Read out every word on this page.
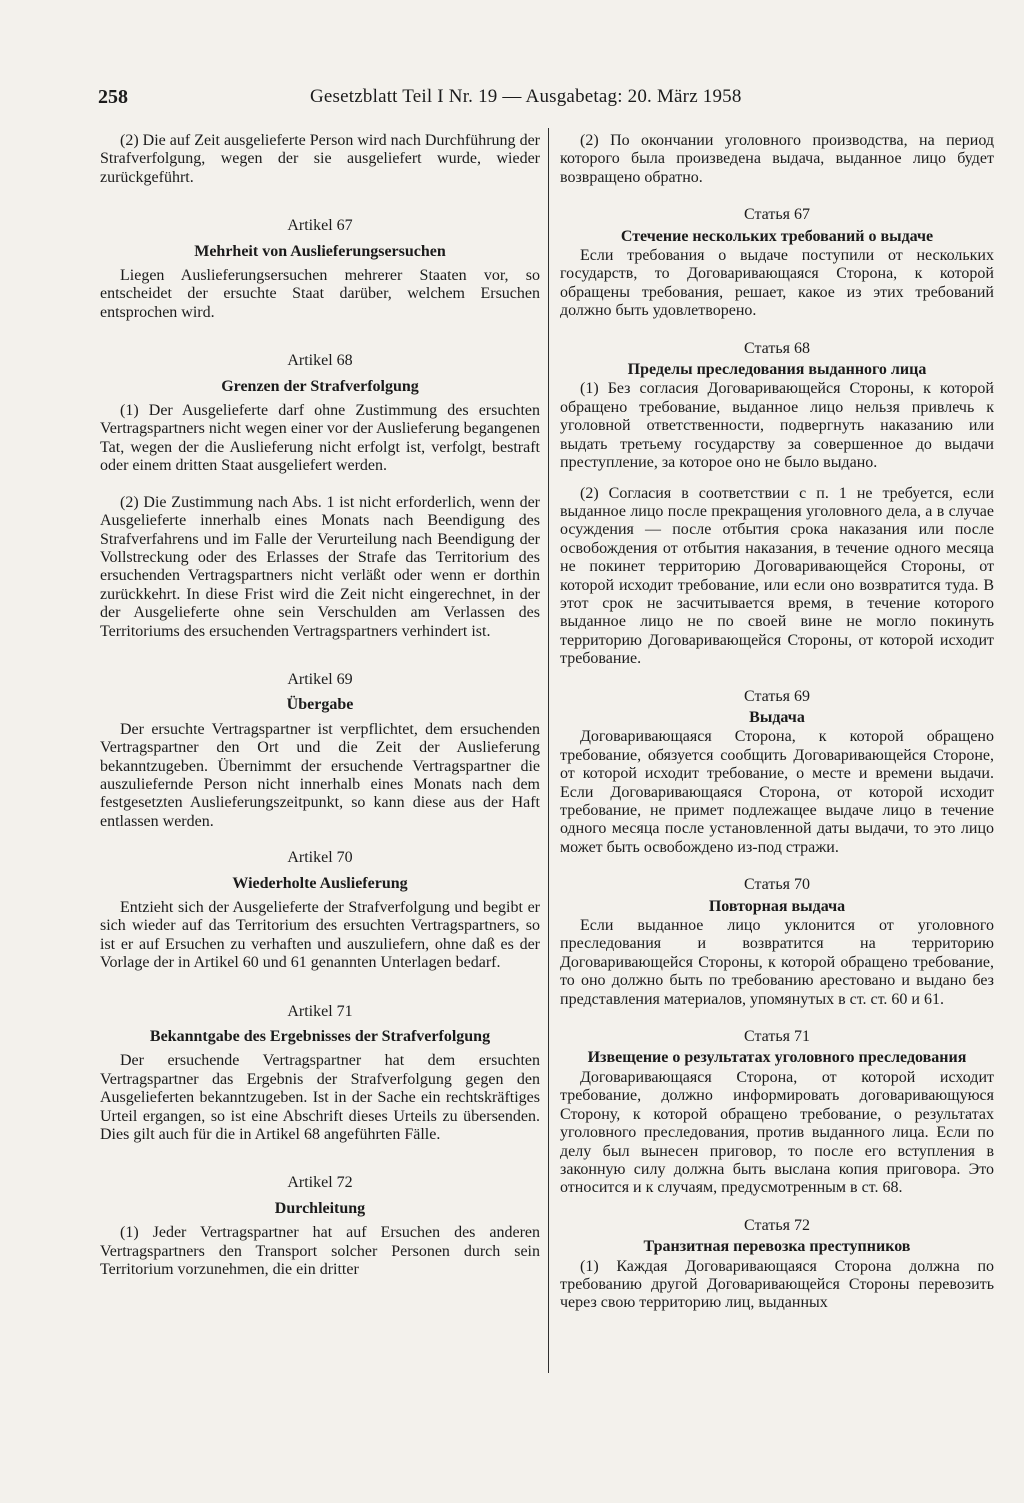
258	Gesetzblatt Teil I Nr. 19 — Ausgabetag: 20. März 1958

(2) Die auf Zeit ausgelieferte Person wird nach Durchführung der Strafverfolgung, wegen der sie ausgeliefert wurde, wieder zurückgeführt.

Artikel 67

Mehrheit von Auslieferungsersuchen

Liegen Auslieferungsersuchen mehrerer Staaten vor, so entscheidet der ersuchte Staat darüber, welchem Ersuchen entsprochen wird.

Artikel 68

Grenzen der Strafverfolgung

(1) Der Ausgelieferte darf ohne Zustimmung des ersuchten Vertragspartners nicht wegen einer vor der Auslieferung begangenen Tat, wegen der die Auslieferung nicht erfolgt ist, verfolgt, bestraft oder einem dritten Staat ausgeliefert werden.

(2) Die Zustimmung nach Abs. 1 ist nicht erforderlich, wenn der Ausgelieferte innerhalb eines Monats nach Beendigung des Strafverfahrens und im Falle der Verurteilung nach Beendigung der Vollstreckung oder des Erlasses der Strafe das Territorium des ersuchenden Vertragspartners nicht verläßt oder wenn er dorthin zurückkehrt. In diese Frist wird die Zeit nicht eingerechnet, in der der Ausgelieferte ohne sein Verschulden am Verlassen des Territoriums des ersuchenden Vertragspartners verhindert ist.

Artikel 69

Übergabe

Der ersuchte Vertragspartner ist verpflichtet, dem ersuchenden Vertragspartner den Ort und die Zeit der Auslieferung bekanntzugeben. Übernimmt der ersuchende Vertragspartner die auszuliefernde Person nicht innerhalb eines Monats nach dem festgesetzten Auslieferungszeitpunkt, so kann diese aus der Haft entlassen werden.

Artikel 70

Wiederholte Auslieferung

Entzieht sich der Ausgelieferte der Strafverfolgung und begibt er sich wieder auf das Territorium des ersuchten Vertragspartners, so ist er auf Ersuchen zu verhaften und auszuliefern, ohne daß es der Vorlage der in Artikel 60 und 61 genannten Unterlagen bedarf.

Artikel 71

Bekanntgabe des Ergebnisses der Strafverfolgung

Der ersuchende Vertragspartner hat dem ersuchten Vertragspartner das Ergebnis der Strafverfolgung gegen den Ausgelieferten bekanntzugeben. Ist in der Sache ein rechtskräftiges Urteil ergangen, so ist eine Abschrift dieses Urteils zu übersenden. Dies gilt auch für die in Artikel 68 angeführten Fälle.

Artikel 72

Durchleitung

(1) Jeder Vertragspartner hat auf Ersuchen des anderen Vertragspartners den Transport solcher Personen durch sein Territorium vorzunehmen, die ein dritter

(2) По окончании уголовного производства, на период которого была произведена выдача, выданное лицо будет возвращено обратно.

Статья 67

Стечение нескольких требований о выдаче

Если требования о выдаче поступили от нескольких государств, то Договаривающаяся Сторона, к которой обращены требования, решает, какое из этих требований должно быть удовлетворено.

Статья 68

Пределы преследования выданного лица

(1) Без согласия Договаривающейся Стороны, к которой обращено требование, выданное лицо нельзя привлечь к уголовной ответственности, подвергнуть наказанию или выдать третьему государству за совершенное до выдачи преступление, за которое оно не было выдано.

(2) Согласия в соответствии с п. 1 не требуется, если выданное лицо после прекращения уголовного дела, а в случае осуждения — после отбытия срока наказания или после освобождения от отбытия наказания, в течение одного месяца не покинет территорию Договаривающейся Стороны, от которой исходит требование, или если оно возвратится туда. В этот срок не засчитывается время, в течение которого выданное лицо не по своей вине не могло покинуть территорию Договаривающейся Стороны, от которой исходит требование.

Статья 69

Выдача

Договаривающаяся Сторона, к которой обращено требование, обязуется сообщить Договаривающейся Стороне, от которой исходит требование, о месте и времени выдачи. Если Договаривающаяся Сторона, от которой исходит требование, не примет подлежащее выдаче лицо в течение одного месяца после установленной даты выдачи, то это лицо может быть освобождено из-под стражи.

Статья 70

Повторная выдача

Если выданное лицо уклонится от уголовного преследования и возвратится на территорию Договаривающейся Стороны, к которой обращено требование, то оно должно быть по требованию арестовано и выдано без представления материалов, упомянутых в ст. ст. 60 и 61.

Статья 71

Извещение о результатах уголовного преследования

Договаривающаяся Сторона, от которой исходит требование, должно информировать договаривающуюся Сторону, к которой обращено требование, о результатах уголовного преследования, против выданного лица. Если по делу был вынесен приговор, то после его вступления в законную силу должна быть выслана копия приговора. Это относится и к случаям, предусмотренным в ст. 68.

Статья 72

Транзитная перевозка преступников

(1) Каждая Договаривающаяся Сторона должна по требованию другой Договаривающейся Стороны перевозить через свою территорию лиц, выданных
